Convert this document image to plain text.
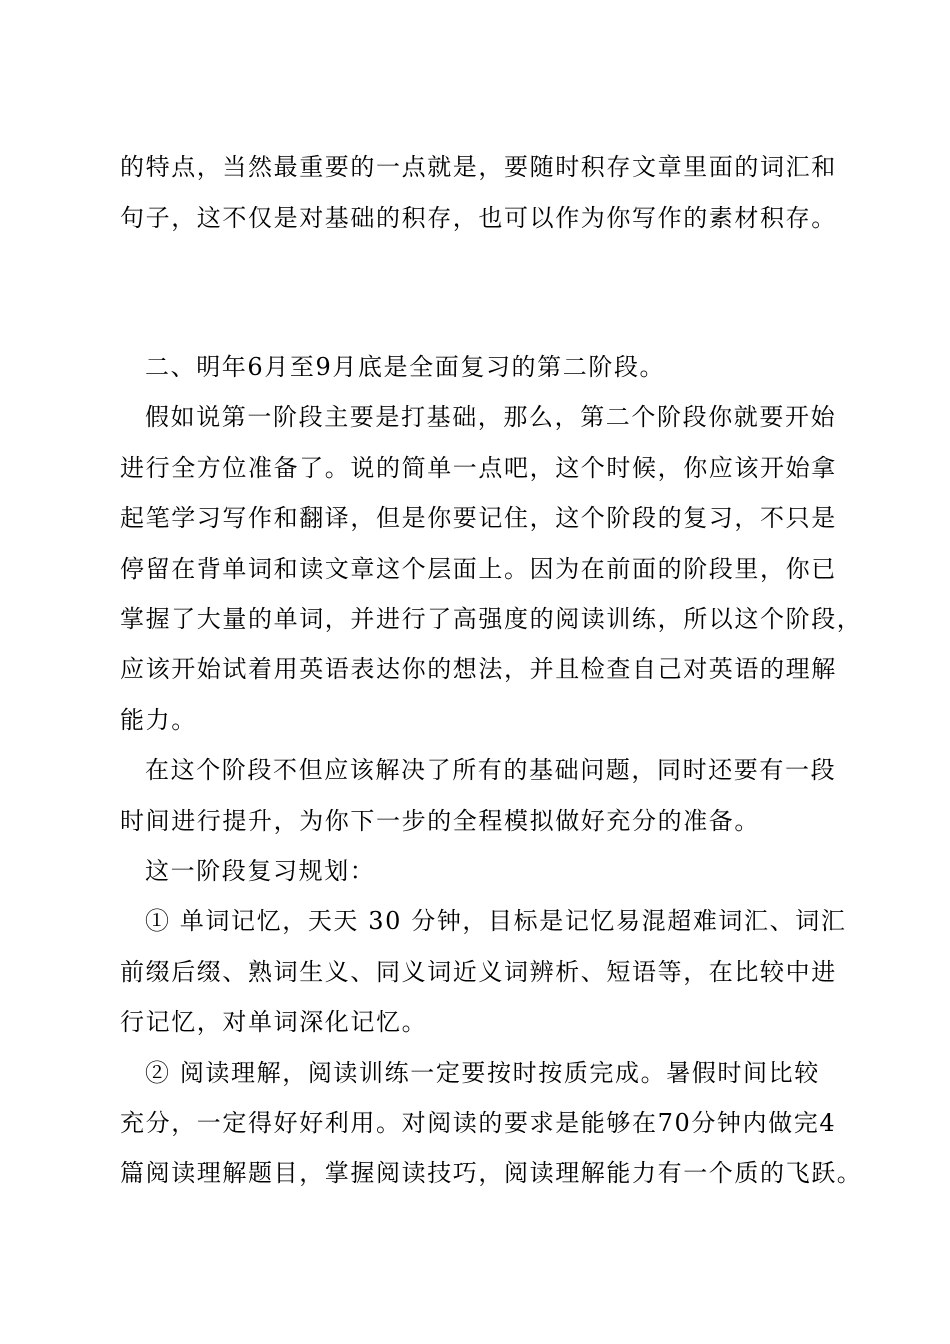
的特点，当然最重要的一点就是，要随时积存文章里面的词汇和
句子，这不仅是对基础的积存，也可以作为你写作的素材积存。
二、明年6月至9月底是全面复习的第二阶段。
假如说第一阶段主要是打基础，那么，第二个阶段你就要开始
进行全方位准备了。说的简单一点吧，这个时候，你应该开始拿
起笔学习写作和翻译，但是你要记住，这个阶段的复习，不只是
停留在背单词和读文章这个层面上。因为在前面的阶段里，你已
掌握了大量的单词，并进行了高强度的阅读训练，所以这个阶段，
应该开始试着用英语表达你的想法，并且检查自己对英语的理解
能力。
在这个阶段不但应该解决了所有的基础问题，同时还要有一段
时间进行提升，为你下一步的全程模拟做好充分的准备。
这一阶段复习规划：
① 单词记忆，天天 30 分钟，目标是记忆易混超难词汇、词汇
前缀后缀、熟词生义、同义词近义词辨析、短语等，在比较中进
行记忆，对单词深化记忆。
② 阅读理解，阅读训练一定要按时按质完成。暑假时间比较
充分，一定得好好利用。对阅读的要求是能够在70分钟内做完4
篇阅读理解题目，掌握阅读技巧，阅读理解能力有一个质的飞跃。
